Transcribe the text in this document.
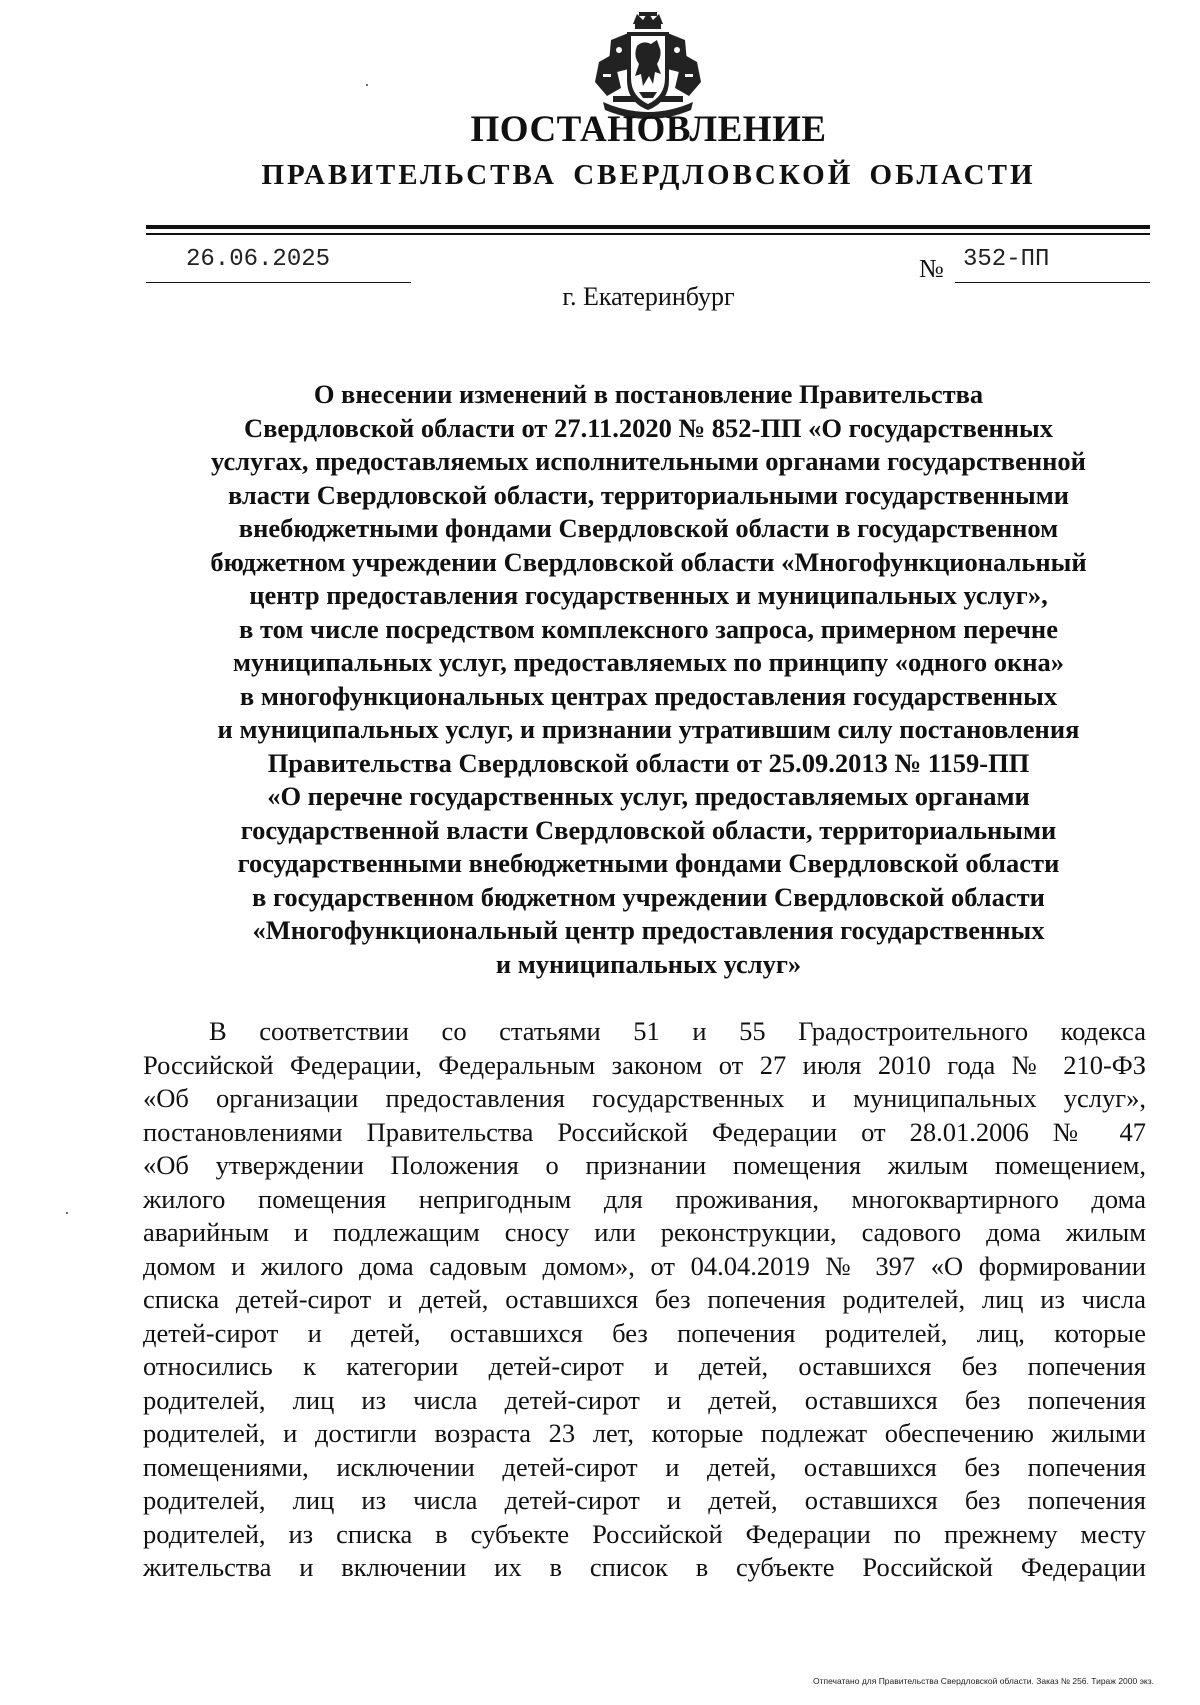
ПОСТАНОВЛЕНИЕ
ПРАВИТЕЛЬСТВА СВЕРДЛОВСКОЙ ОБЛАСТИ
26.06.2025	№ 352-ПП
г. Екатеринбург
О внесении изменений в постановление Правительства
Свердловской области от 27.11.2020 № 852-ПП «О государственных
услугах, предоставляемых исполнительными органами государственной
власти Свердловской области, территориальными государственными
внебюджетными фондами Свердловской области в государственном
бюджетном учреждении Свердловской области «Многофункциональный
центр предоставления государственных и муниципальных услуг»,
в том числе посредством комплексного запроса, примерном перечне
муниципальных услуг, предоставляемых по принципу «одного окна»
в многофункциональных центрах предоставления государственных
и муниципальных услуг, и признании утратившим силу постановления
Правительства Свердловской области от 25.09.2013 № 1159-ПП
«О перечне государственных услуг, предоставляемых органами
государственной власти Свердловской области, территориальными
государственными внебюджетными фондами Свердловской области
в государственном бюджетном учреждении Свердловской области
«Многофункциональный центр предоставления государственных
и муниципальных услуг»
В соответствии со статьями 51 и 55 Градостроительного кодекса
Российской Федерации, Федеральным законом от 27 июля 2010 года № 210-ФЗ
«Об организации предоставления государственных и муниципальных услуг»,
постановлениями Правительства Российской Федерации от 28.01.2006 № 47
«Об утверждении Положения о признании помещения жилым помещением,
жилого помещения непригодным для проживания, многоквартирного дома
аварийным и подлежащим сносу или реконструкции, садового дома жилым
домом и жилого дома садовым домом», от 04.04.2019 № 397 «О формировании
списка детей-сирот и детей, оставшихся без попечения родителей, лиц из числа
детей-сирот и детей, оставшихся без попечения родителей, лиц, которые
относились к категории детей-сирот и детей, оставшихся без попечения
родителей, лиц из числа детей-сирот и детей, оставшихся без попечения
родителей, и достигли возраста 23 лет, которые подлежат обеспечению жилыми
помещениями, исключении детей-сирот и детей, оставшихся без попечения
родителей, лиц из числа детей-сирот и детей, оставшихся без попечения
родителей, из списка в субъекте Российской Федерации по прежнему месту
жительства и включении их в список в субъекте Российской Федерации
Отпечатано для Правительства Свердловской области. Заказ № 256. Тираж 2000 экз.
